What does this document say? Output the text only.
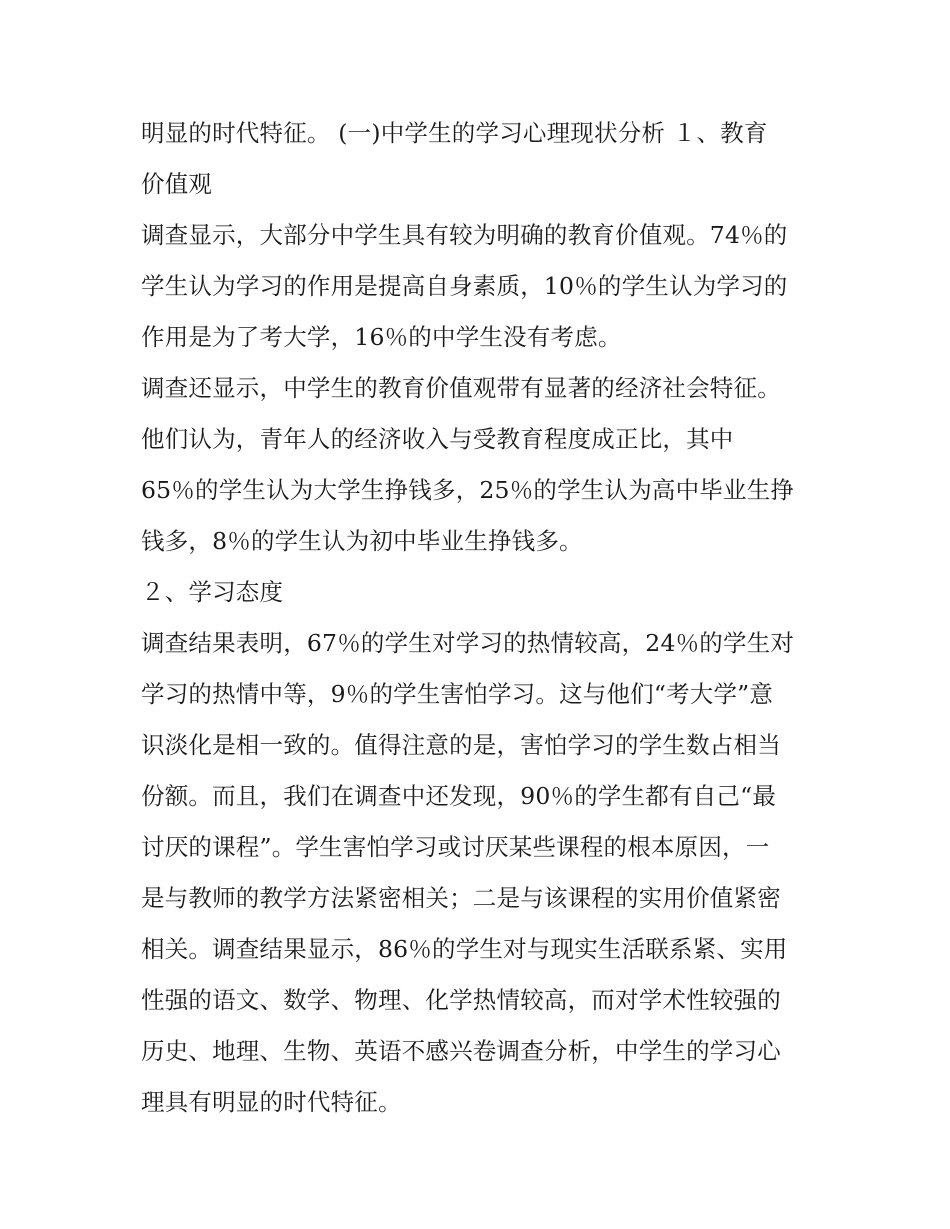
明显的时代特征。 (一)中学生的学习心理现状分析 １、教育
价值观
调查显示，大部分中学生具有较为明确的教育价值观。74％的
学生认为学习的作用是提高自身素质，10％的学生认为学习的
作用是为了考大学，16％的中学生没有考虑。
调查还显示，中学生的教育价值观带有显著的经济社会特征。
他们认为，青年人的经济收入与受教育程度成正比，其中
65％的学生认为大学生挣钱多，25％的学生认为高中毕业生挣
钱多，8％的学生认为初中毕业生挣钱多。
２、学习态度
调查结果表明，67％的学生对学习的热情较高，24％的学生对
学习的热情中等，9％的学生害怕学习。这与他们“考大学”意
识淡化是相一致的。值得注意的是，害怕学习的学生数占相当
份额。而且，我们在调查中还发现，90％的学生都有自己“最
讨厌的课程”。学生害怕学习或讨厌某些课程的根本原因，一
是与教师的教学方法紧密相关；二是与该课程的实用价值紧密
相关。调查结果显示，86％的学生对与现实生活联系紧、实用
性强的语文、数学、物理、化学热情较高，而对学术性较强的
历史、地理、生物、英语不感兴卷调查分析，中学生的学习心
理具有明显的时代特征。
